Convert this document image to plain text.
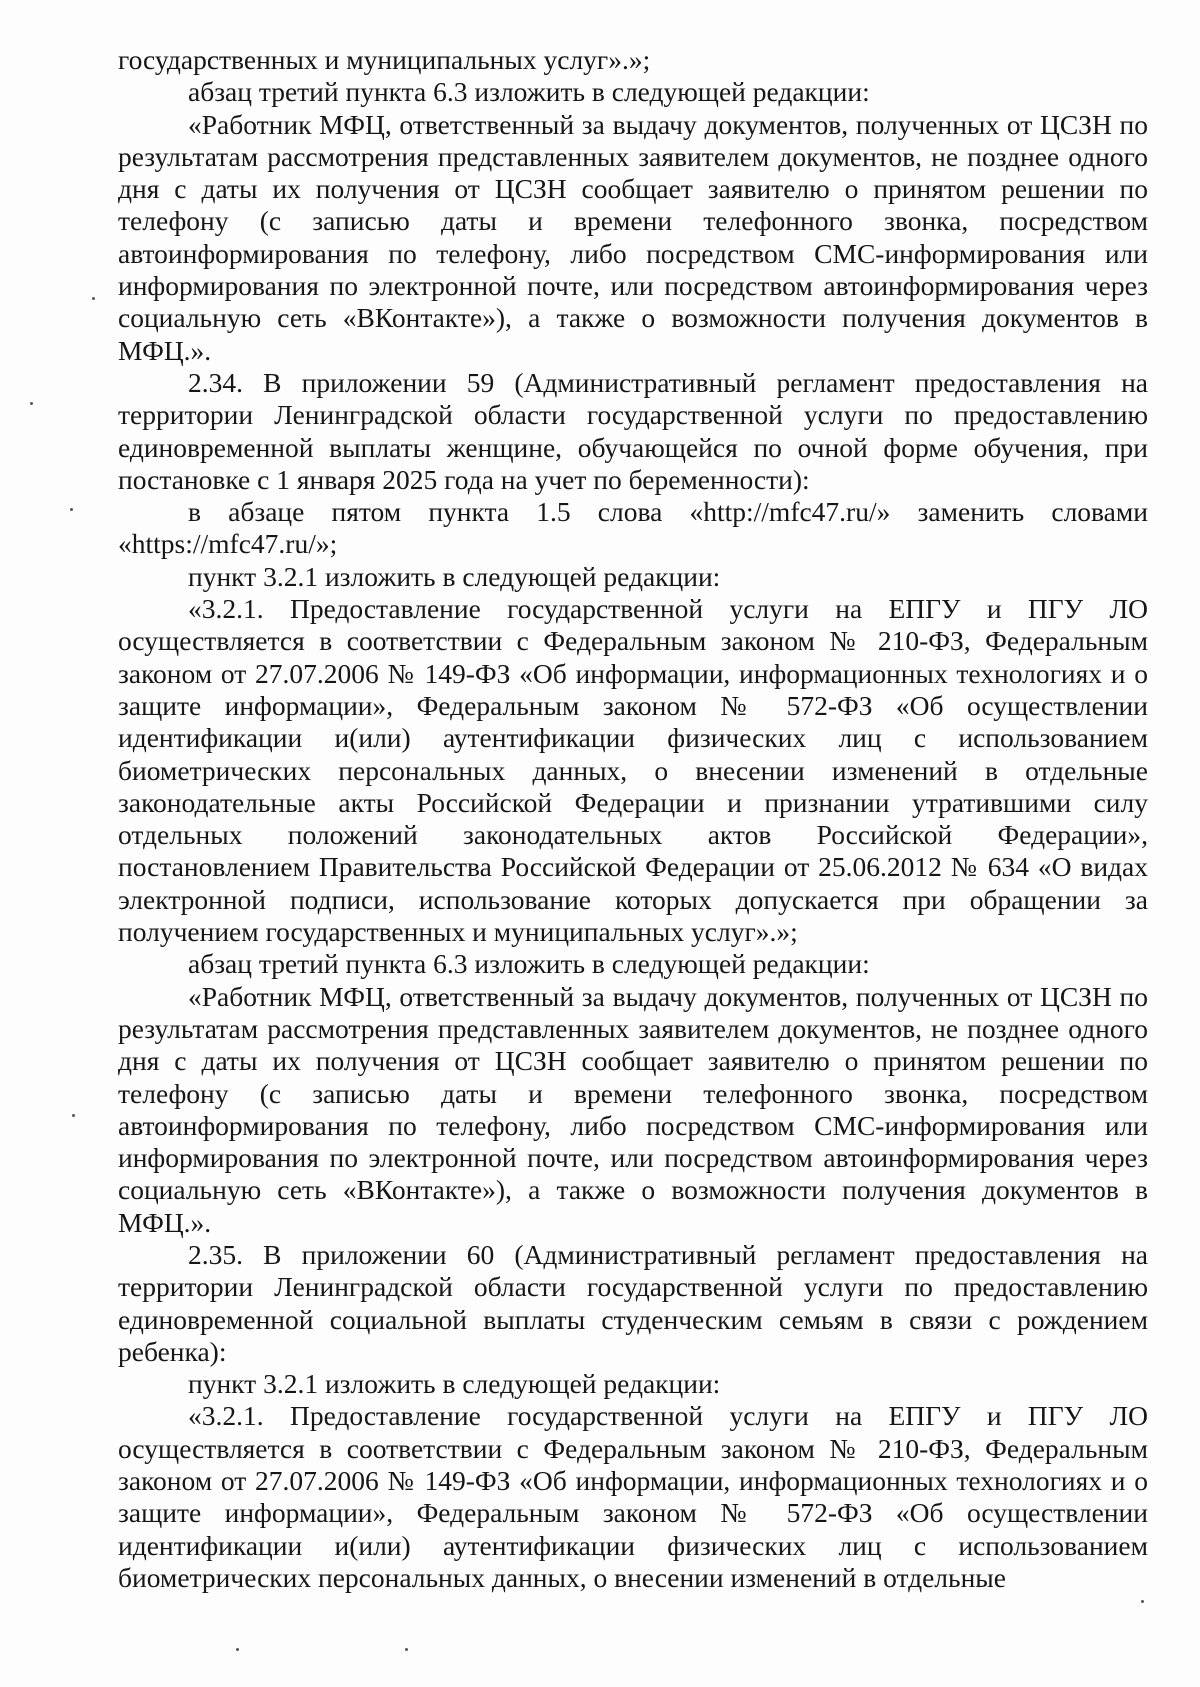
государственных и муниципальных услуг».»;

абзац третий пункта 6.3 изложить в следующей редакции:

«Работник МФЦ, ответственный за выдачу документов, полученных от ЦСЗН по результатам рассмотрения представленных заявителем документов, не позднее одного дня с даты их получения от ЦСЗН сообщает заявителю о принятом решении по телефону (с записью даты и времени телефонного звонка, посредством автоинформирования по телефону, либо посредством СМС-информирования или информирования по электронной почте, или посредством автоинформирования через социальную сеть «ВКонтакте»), а также о возможности получения документов в МФЦ.».

2.34. В приложении 59 (Административный регламент предоставления на территории Ленинградской области государственной услуги по предоставлению единовременной выплаты женщине, обучающейся по очной форме обучения, при постановке с 1 января 2025 года на учет по беременности):

в абзаце пятом пункта 1.5 слова «http://mfc47.ru/» заменить словами «https://mfc47.ru/»;

пункт 3.2.1 изложить в следующей редакции:

«3.2.1. Предоставление государственной услуги на ЕПГУ и ПГУ ЛО осуществляется в соответствии с Федеральным законом № 210-ФЗ, Федеральным законом от 27.07.2006 № 149-ФЗ «Об информации, информационных технологиях и о защите информации», Федеральным законом № 572-ФЗ «Об осуществлении идентификации и(или) аутентификации физических лиц с использованием биометрических персональных данных, о внесении изменений в отдельные законодательные акты Российской Федерации и признании утратившими силу отдельных положений законодательных актов Российской Федерации», постановлением Правительства Российской Федерации от 25.06.2012 № 634 «О видах электронной подписи, использование которых допускается при обращении за получением государственных и муниципальных услуг».»;

абзац третий пункта 6.3 изложить в следующей редакции:

«Работник МФЦ, ответственный за выдачу документов, полученных от ЦСЗН по результатам рассмотрения представленных заявителем документов, не позднее одного дня с даты их получения от ЦСЗН сообщает заявителю о принятом решении по телефону (с записью даты и времени телефонного звонка, посредством автоинформирования по телефону, либо посредством СМС-информирования или информирования по электронной почте, или посредством автоинформирования через социальную сеть «ВКонтакте»), а также о возможности получения документов в МФЦ.».

2.35. В приложении 60 (Административный регламент предоставления на территории Ленинградской области государственной услуги по предоставлению единовременной социальной выплаты студенческим семьям в связи с рождением ребенка):

пункт 3.2.1 изложить в следующей редакции:

«3.2.1. Предоставление государственной услуги на ЕПГУ и ПГУ ЛО осуществляется в соответствии с Федеральным законом № 210-ФЗ, Федеральным законом от 27.07.2006 № 149-ФЗ «Об информации, информационных технологиях и о защите информации», Федеральным законом № 572-ФЗ «Об осуществлении идентификации и(или) аутентификации физических лиц с использованием биометрических персональных данных, о внесении изменений в отдельные
